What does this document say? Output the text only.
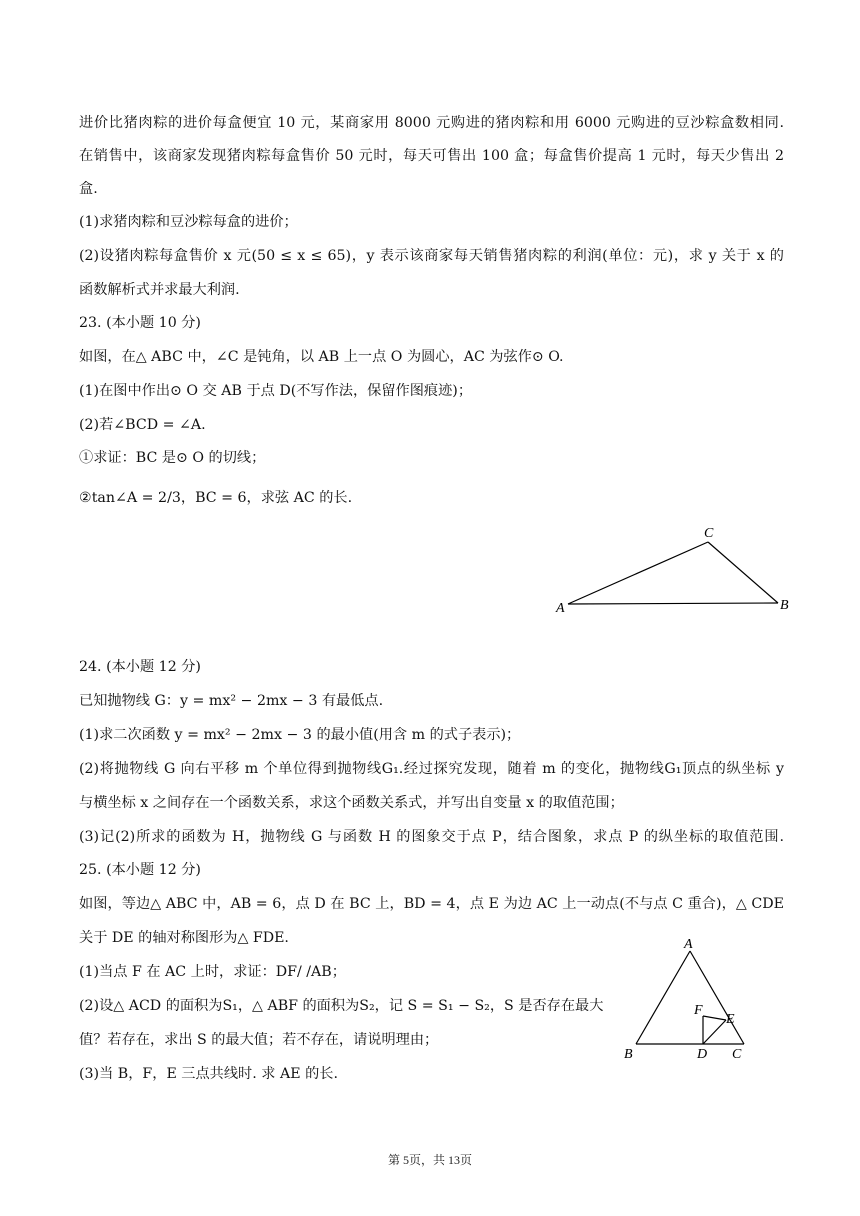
进价比猪肉粽的进价每盒便宜 10 元，某商家用 8000 元购进的猪肉粽和用 6000 元购进的豆沙粽盒数相同.
在销售中，该商家发现猪肉粽每盒售价 50 元时，每天可售出 100 盒；每盒售价提高 1 元时，每天少售出 2
盒.
(1)求猪肉粽和豆沙粽每盒的进价；
(2)设猪肉粽每盒售价 x 元(50 ≤ x ≤ 65)，y 表示该商家每天销售猪肉粽的利润(单位：元)，求 y 关于 x 的
函数解析式并求最大利润.
23. (本小题 10 分)
如图，在△ ABC 中，∠C 是钝角，以 AB 上一点 O 为圆心，AC 为弦作⊙ O.
(1)在图中作出⊙ O 交 AB 于点 D(不写作法，保留作图痕迹)；
(2)若∠BCD = ∠A.
①求证：BC 是⊙ O 的切线；
②tan∠A = 2/3，BC = 6，求弦 AC 的长.
A
C
B
24. (本小题 12 分)
已知抛物线 G：y = mx² − 2mx − 3 有最低点.
(1)求二次函数 y = mx² − 2mx − 3 的最小值(用含 m 的式子表示)；
(2)将抛物线 G 向右平移 m 个单位得到抛物线G₁.经过探究发现，随着 m 的变化，抛物线G₁顶点的纵坐标 y
与横坐标 x 之间存在一个函数关系，求这个函数关系式，并写出自变量 x 的取值范围；
(3)记(2)所求的函数为 H，抛物线 G 与函数 H 的图象交于点 P，结合图象，求点 P 的纵坐标的取值范围.
25. (本小题 12 分)
如图，等边△ ABC 中，AB = 6，点 D 在 BC 上，BD = 4，点 E 为边 AC 上一动点(不与点 C 重合)，△ CDE
关于 DE 的轴对称图形为△ FDE.
(1)当点 F 在 AC 上时，求证：DF/ /AB；
(2)设△ ACD 的面积为S₁，△ ABF 的面积为S₂，记 S = S₁ − S₂，S 是否存在最大
值？若存在，求出 S 的最大值；若不存在，请说明理由；
(3)当 B，F，E 三点共线时. 求 AE 的长.
A
B	C
D
E
F
第 5页，共 13页
